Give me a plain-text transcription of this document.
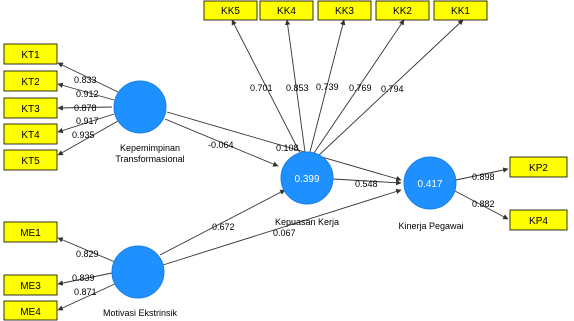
KT1
KT2
KT3
KT4
KT5
ME1
ME3
ME4
KK5	KK4	KK3	KK2	KK1
KP2
KP4
0.399	0.417
Kepemimpinan
Transformasional
Motivasi Ekstrinsik
Kepuasan Kerja	Kinerja Pegawai
0.833
0.912
0.878
0.917
0.935
0.829
0.839
0.871
0.701 0.853 0.739 0.769 0.794
0.898
0.882
-0.064	0.108
0.672
0.067
0.548
